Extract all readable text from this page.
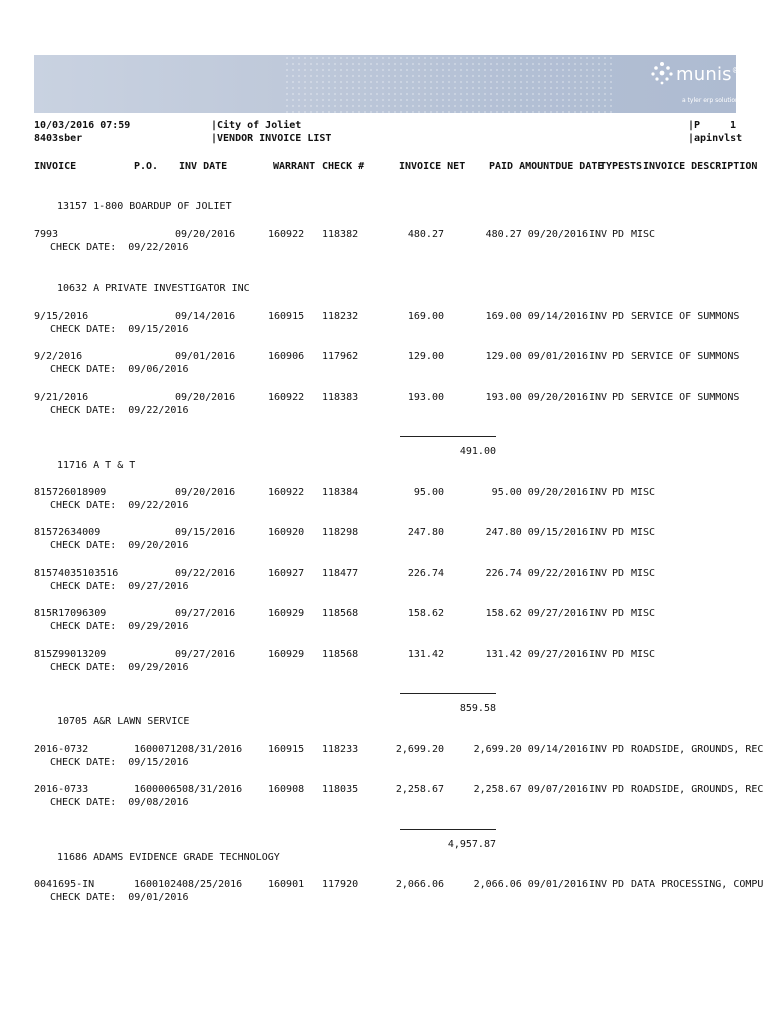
munis®
a tyler erp solution
10/03/2016 07:59
8403sber
|City of Joliet
|VENDOR INVOICE LIST
|P	1
|apinvlst
INVOICE	P.O. INV DATE	WARRANT CHECK #	INVOICE NET PAID AMOUNTDUE DATE
TYPE STS INVOICE DESCRIPTION
13157 1-800 BOARDUP OF JOLIET
7993	09/20/2016	160922 118382	480.27	480.27 09/20/2016 INV PD MISC
CHECK DATE:  09/22/2016
10632 A PRIVATE INVESTIGATOR INC
9/15/2016	09/14/2016	160915 118232	169.00	169.00 09/14/2016 INV PD SERVICE OF SUMMONS
CHECK DATE:  09/15/2016
9/2/2016	09/01/2016	160906 117962	129.00	129.00 09/01/2016 INV PD SERVICE OF SUMMONS
CHECK DATE:  09/06/2016
9/21/2016	09/20/2016	160922 118383	193.00	193.00 09/20/2016 INV PD SERVICE OF SUMMONS
CHECK DATE:  09/22/2016
491.00
11716 A T & T
815726018909	09/20/2016	160922 118384	95.00	95.00 09/20/2016 INV PD MISC
CHECK DATE:  09/22/2016
81572634009	09/15/2016	160920 118298	247.80	247.80 09/15/2016 INV PD MISC
CHECK DATE:  09/20/2016
81574035103516	09/22/2016	160927 118477	226.74	226.74 09/22/2016 INV PD MISC
CHECK DATE:  09/27/2016
815R17096309	09/27/2016	160929 118568	158.62	158.62 09/27/2016 INV PD MISC
CHECK DATE:  09/29/2016
815Z99013209	09/27/2016	160929 118568	131.42	131.42 09/27/2016 INV PD MISC
CHECK DATE:  09/29/2016
859.58
10705 A&R LAWN SERVICE
2016-0732	16000712 08/31/2016	160915 118233	2,699.20	2,699.20 09/14/2016 INV PD ROADSIDE, GROUNDS, REC
CHECK DATE:  09/15/2016
2016-0733	16000065 08/31/2016	160908 118035	2,258.67	2,258.67 09/07/2016 INV PD ROADSIDE, GROUNDS, REC
CHECK DATE:  09/08/2016
4,957.87
11686 ADAMS EVIDENCE GRADE TECHNOLOGY
0041695-IN	16001024 08/25/2016	160901 117920	2,066.06	2,066.06 09/01/2016 INV PD DATA PROCESSING, COMPU
CHECK DATE:  09/01/2016
